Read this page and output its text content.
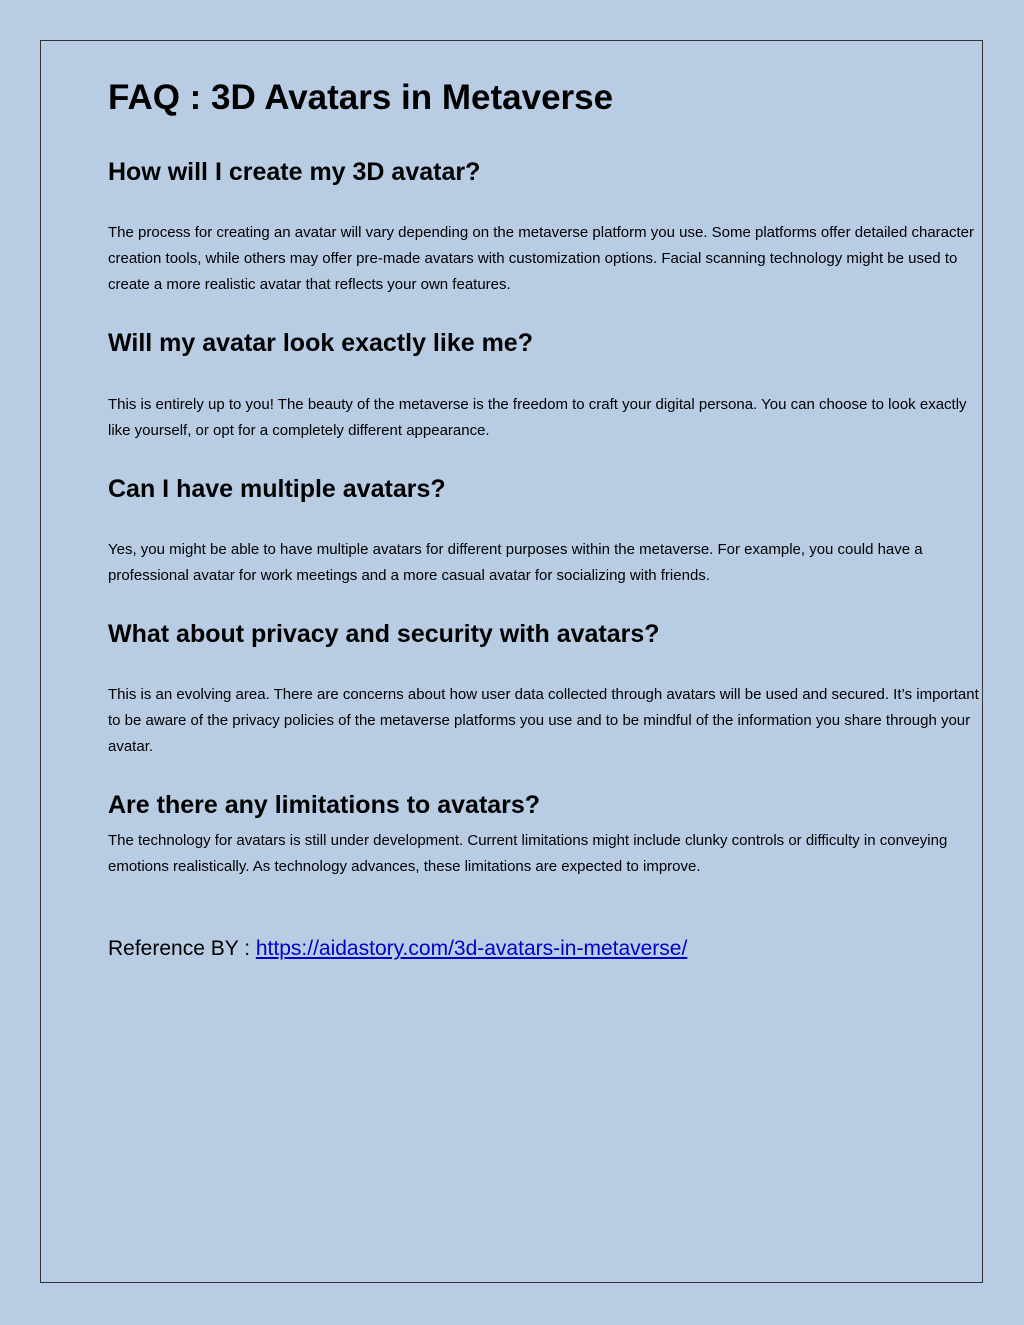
FAQ : 3D Avatars in Metaverse
How will I create my 3D avatar?

The process for creating an avatar will vary depending on the metaverse platform you use. Some platforms offer detailed character creation tools, while others may offer pre-made avatars with customization options. Facial scanning technology might be used to create a more realistic avatar that reflects your own features.

Will my avatar look exactly like me?

This is entirely up to you! The beauty of the metaverse is the freedom to craft your digital persona. You can choose to look exactly like yourself, or opt for a completely different appearance.

Can I have multiple avatars?

Yes, you might be able to have multiple avatars for different purposes within the metaverse. For example, you could have a professional avatar for work meetings and a more casual avatar for socializing with friends.

What about privacy and security with avatars?

This is an evolving area. There are concerns about how user data collected through avatars will be used and secured. It’s important to be aware of the privacy policies of the metaverse platforms you use and to be mindful of the information you share through your avatar.

Are there any limitations to avatars?

The technology for avatars is still under development. Current limitations might include clunky controls or difficulty in conveying emotions realistically. As technology advances, these limitations are expected to improve.

Reference BY : https://aidastory.com/3d-avatars-in-metaverse/
